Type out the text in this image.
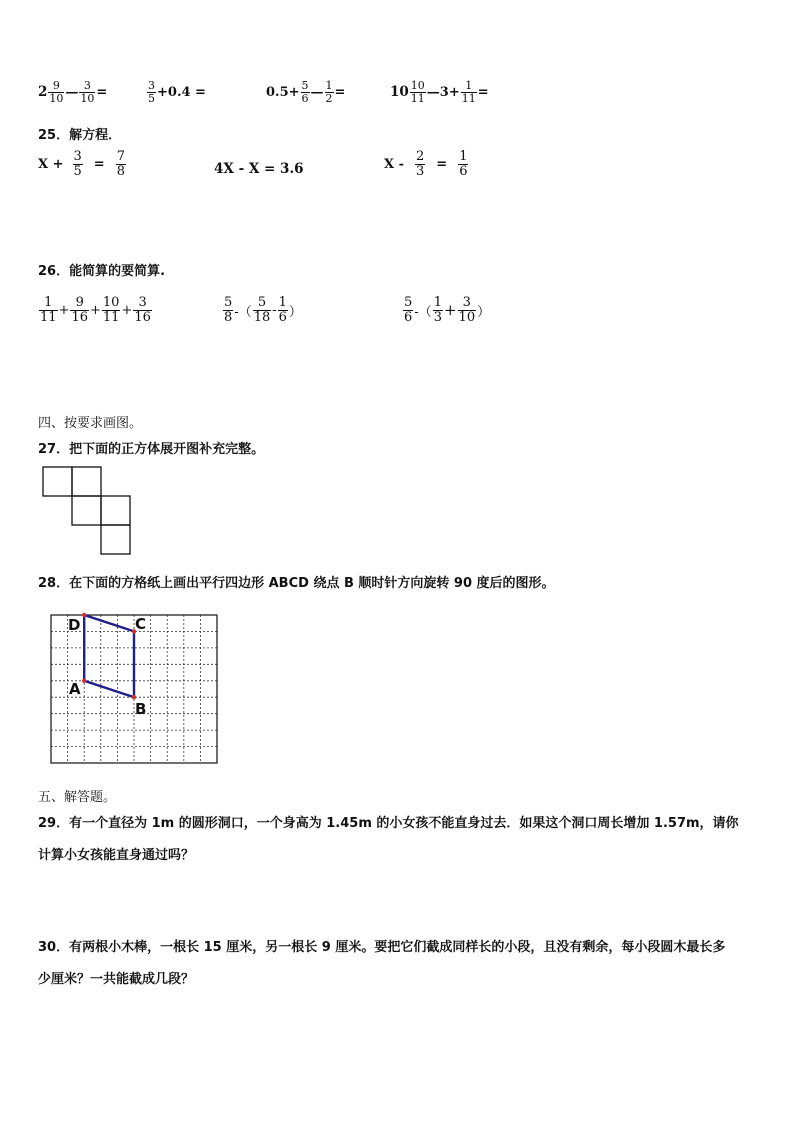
$2 \frac{9}{10}$ — $\frac{3}{10}$ =	$\frac{3}{5} +0.4$ =	$0.5+ \frac{5}{6}$ — $\frac{1}{2}$ =	$10 \frac{10}{11}$ —3+ $\frac{1}{11}$ =
25．解方程．
$X + \frac{3}{5} = \frac{7}{8}$	4X - X = 3.6	$X - \frac{2}{3} = \frac{1}{6}$
26．能简算的要简算.
$\frac{1}{11} + \frac{9}{16} + \frac{10}{11} + \frac{3}{16}$	$\frac{5}{8}$ -（ $\frac{5}{18} - \frac{1}{6}$ ）	$\frac{5}{6}$ -（ $\frac{1}{3} + \frac{3}{10}$ ）
四、按要求画图。
27．把下面的正方体展开图补充完整。
28．在下面的方格纸上画出平行四边形 ABCD 绕点 B 顺时针方向旋转 90 度后的图形。
D	C
A
B
五、解答题。
29．有一个直径为 1m 的圆形洞口，一个身高为 1.45m 的小女孩不能直身过去．如果这个洞口周长增加 1.57m，请你
计算小女孩能直身通过吗？
30．有两根小木棒，一根长 15 厘米，另一根长 9 厘米。要把它们截成同样长的小段，且没有剩余，每小段圆木最长多
少厘米？一共能截成几段？
